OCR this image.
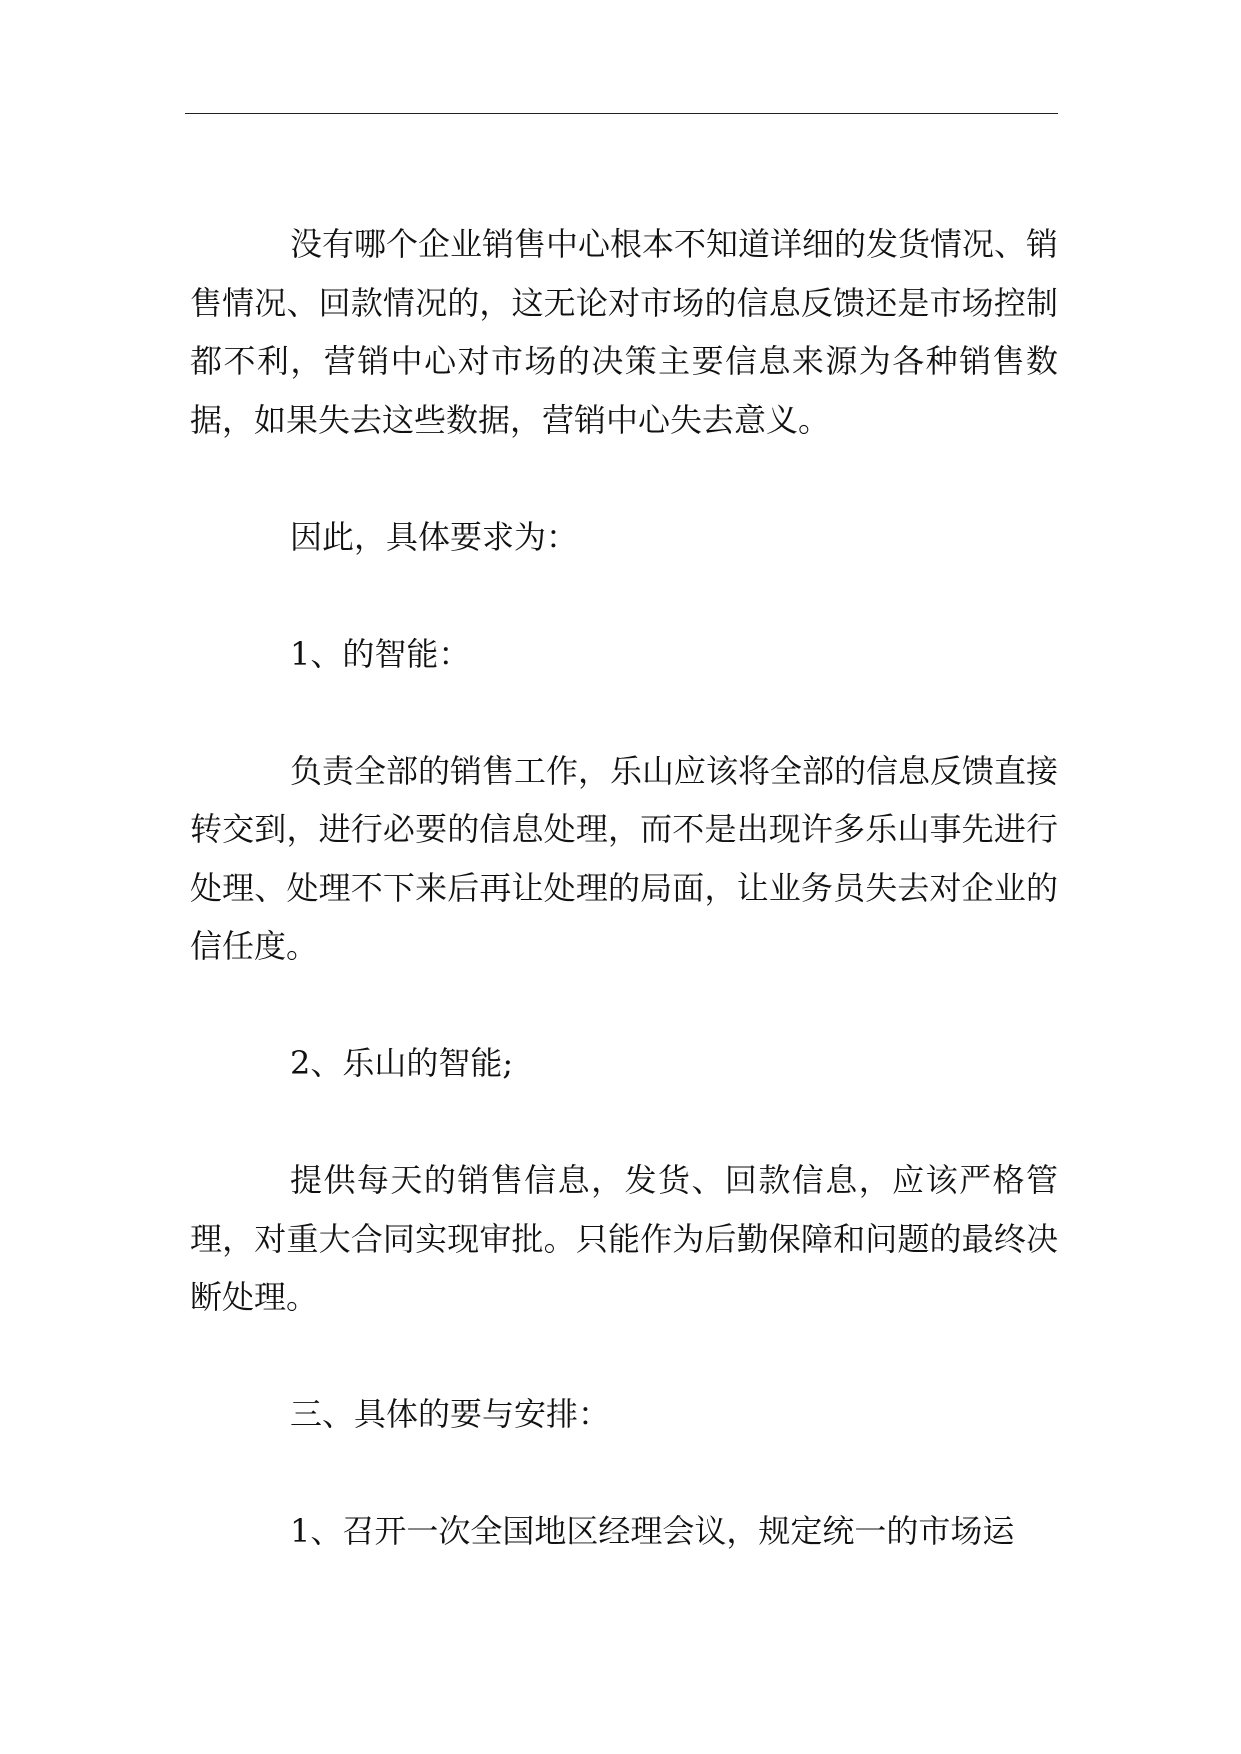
没有哪个企业销售中心根本不知道详细的发货情况、销售情况、回款情况的，这无论对市场的信息反馈还是市场控制都不利，营销中心对市场的决策主要信息来源为各种销售数据，如果失去这些数据，营销中心失去意义。

因此，具体要求为：

1、的智能：

负责全部的销售工作，乐山应该将全部的信息反馈直接转交到，进行必要的信息处理，而不是出现许多乐山事先进行处理、处理不下来后再让处理的局面，让业务员失去对企业的信任度。

2、乐山的智能;

提供每天的销售信息，发货、回款信息，应该严格管理，对重大合同实现审批。只能作为后勤保障和问题的最终决断处理。

三、具体的要与安排：

1、召开一次全国地区经理会议，规定统一的市场运
